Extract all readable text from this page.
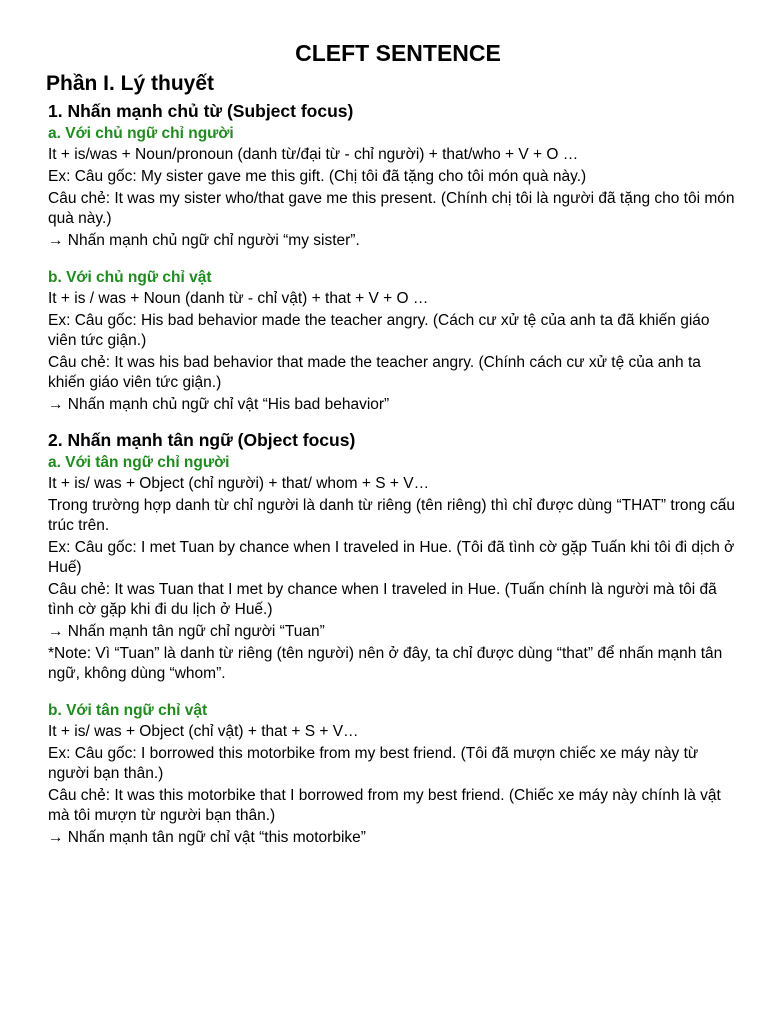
CLEFT SENTENCE
Phần I. Lý thuyết
1. Nhấn mạnh chủ từ (Subject focus)
a. Với chủ ngữ chỉ người
It + is/was + Noun/pronoun (danh từ/đại từ - chỉ người) + that/who + V + O …
Ex: Câu gốc: My sister gave me this gift. (Chị tôi đã tặng cho tôi món quà này.)
Câu chẻ: It was my sister who/that gave me this present. (Chính chị tôi là người đã tặng cho tôi món quà này.)
→ Nhấn mạnh chủ ngữ chỉ người “my sister”.
b. Với chủ ngữ chỉ vật
It + is / was + Noun (danh từ - chỉ vật) + that + V + O …
Ex: Câu gốc: His bad behavior made the teacher angry. (Cách cư xử tệ của anh ta đã khiến giáo viên tức giận.)
Câu chẻ: It was his bad behavior that made the teacher angry. (Chính cách cư xử tệ của anh ta khiến giáo viên tức giận.)
→ Nhấn mạnh chủ ngữ chỉ vật “His bad behavior”
2. Nhấn mạnh tân ngữ (Object focus)
a. Với tân ngữ chỉ người
It + is/ was + Object (chỉ người) + that/ whom + S + V…
Trong trường hợp danh từ chỉ người là danh từ riêng (tên riêng) thì chỉ được dùng “THAT” trong cấu trúc trên.
Ex: Câu gốc: I met Tuan by chance when I traveled in Hue. (Tôi đã tình cờ gặp Tuấn khi tôi đi dịch ở Huế)
Câu chẻ: It was Tuan that I met by chance when I traveled in Hue. (Tuấn chính là người mà tôi đã tình cờ gặp khi đi du lịch ở Huế.)
→ Nhấn mạnh tân ngữ chỉ người “Tuan”
*Note: Vì “Tuan” là danh từ riêng (tên người) nên ở đây, ta chỉ được dùng “that” để nhấn mạnh tân ngữ, không dùng “whom”.
b. Với tân ngữ chỉ vật
It + is/ was + Object (chỉ vật) + that + S + V…
Ex: Câu gốc: I borrowed this motorbike from my best friend. (Tôi đã mượn chiếc xe máy này từ người bạn thân.)
Câu chẻ: It was this motorbike that I borrowed from my best friend. (Chiếc xe máy này chính là vật mà tôi mượn từ người bạn thân.)
→ Nhấn mạnh tân ngữ chỉ vật “this motorbike”
